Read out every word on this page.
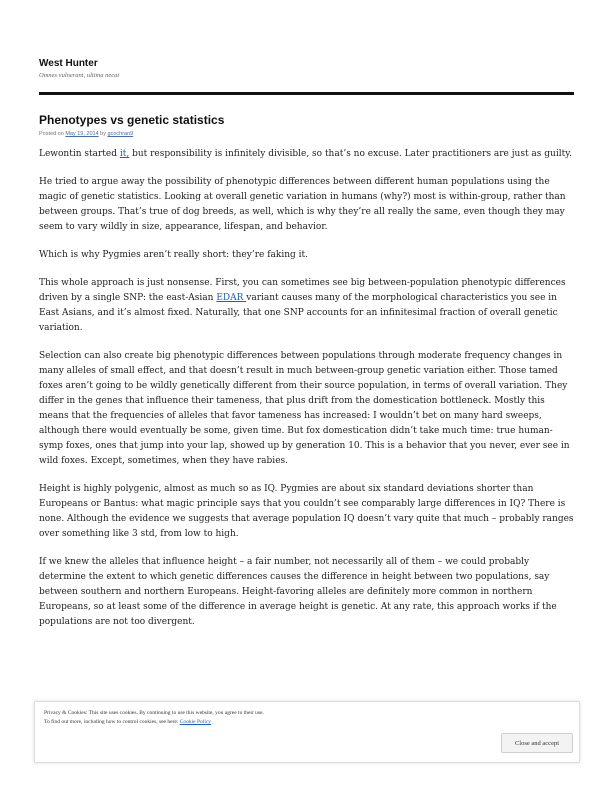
West Hunter
Omnes vulnerant, ultima necat
Phenotypes vs genetic statistics
Posted on May 19, 2014 by gcochran9

Lewontin started it, but responsibility is infinitely divisible, so that’s no excuse. Later practitioners are just as guilty.

He tried to argue away the possibility of phenotypic differences between different human populations using the magic of genetic statistics. Looking at overall genetic variation in humans (why?) most is within-group, rather than between groups. That’s true of dog breeds, as well, which is why they’re all really the same, even though they may seem to vary wildly in size, appearance, lifespan, and behavior.

Which is why Pygmies aren’t really short: they’re faking it.

This whole approach is just nonsense. First, you can sometimes see big between-population phenotypic differences driven by a single SNP: the east-Asian EDAR variant causes many of the morphological characteristics you see in East Asians, and it’s almost fixed. Naturally, that one SNP accounts for an infinitesimal fraction of overall genetic variation.

Selection can also create big phenotypic differences between populations through moderate frequency changes in many alleles of small effect, and that doesn’t result in much between-group genetic variation either. Those tamed foxes aren’t going to be wildly genetically different from their source population, in terms of overall variation. They differ in the genes that influence their tameness, that plus drift from the domestication bottleneck. Mostly this means that the frequencies of alleles that favor tameness has increased: I wouldn’t bet on many hard sweeps, although there would eventually be some, given time. But fox domestication didn’t take much time: true human-symp foxes, ones that jump into your lap, showed up by generation 10. This is a behavior that you never, ever see in wild foxes. Except, sometimes, when they have rabies.

Height is highly polygenic, almost as much so as IQ. Pygmies are about six standard deviations shorter than Europeans or Bantus: what magic principle says that you couldn’t see comparably large differences in IQ? There is none. Although the evidence we suggests that average population IQ doesn’t vary quite that much – probably ranges over something like 3 std, from low to high.

If we knew the alleles that influence height – a fair number, not necessarily all of them – we could probably determine the extent to which genetic differences causes the difference in height between two populations, say between southern and northern Europeans. Height-favoring alleles are definitely more common in northern Europeans, so at least some of the difference in average height is genetic. At any rate, this approach works if the populations are not too divergent.

Privacy & Cookies: This site uses cookies. By continuing to use this website, you agree to their use.
To find out more, including how to control cookies, see here: Cookie Policy
Close and accept
